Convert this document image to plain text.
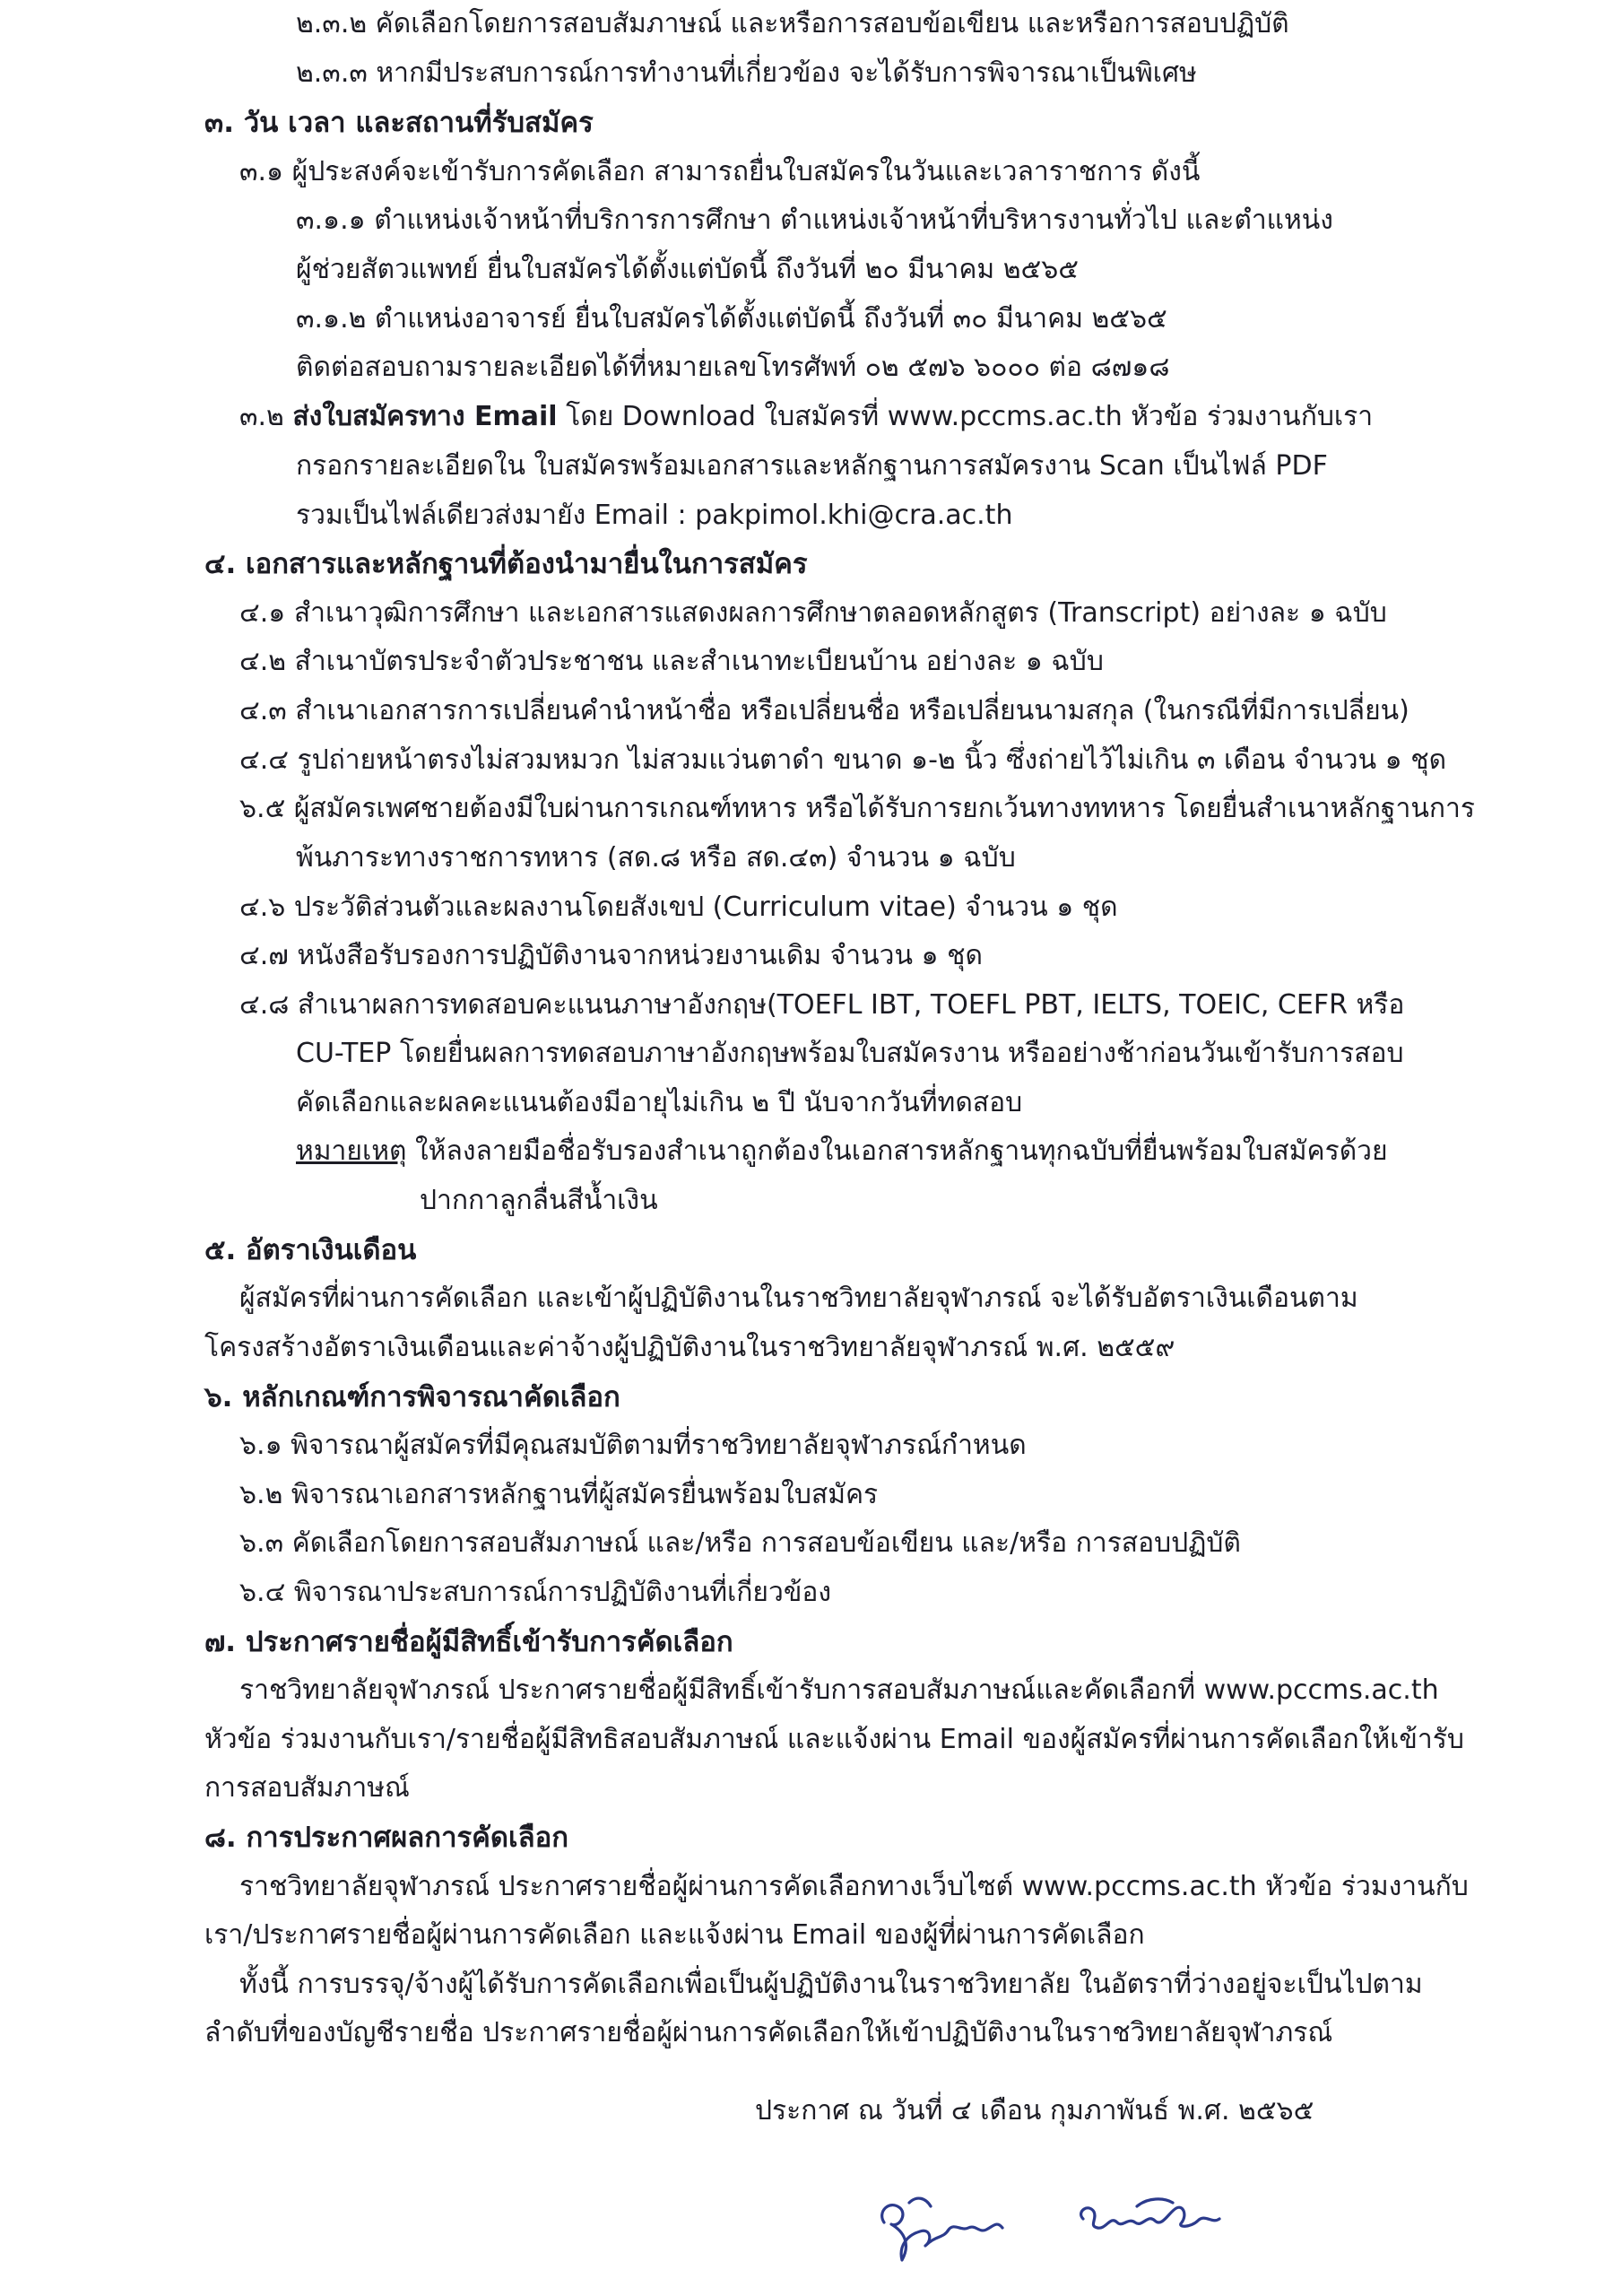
๒.๓.๒ คัดเลือกโดยการสอบสัมภาษณ์ และหรือการสอบข้อเขียน และหรือการสอบปฏิบัติ
๒.๓.๓ หากมีประสบการณ์การทำงานที่เกี่ยวข้อง จะได้รับการพิจารณาเป็นพิเศษ
๓. วัน เวลา และสถานที่รับสมัคร
๓.๑ ผู้ประสงค์จะเข้ารับการคัดเลือก สามารถยื่นใบสมัครในวันและเวลาราชการ ดังนี้
๓.๑.๑ ตำแหน่งเจ้าหน้าที่บริการการศึกษา ตำแหน่งเจ้าหน้าที่บริหารงานทั่วไป และตำแหน่ง
ผู้ช่วยสัตวแพทย์ ยื่นใบสมัครได้ตั้งแต่บัดนี้ ถึงวันที่ ๒๐ มีนาคม ๒๕๖๕
๓.๑.๒ ตำแหน่งอาจารย์ ยื่นใบสมัครได้ตั้งแต่บัดนี้ ถึงวันที่ ๓๐ มีนาคม ๒๕๖๕
ติดต่อสอบถามรายละเอียดได้ที่หมายเลขโทรศัพท์ ๐๒ ๕๗๖ ๖๐๐๐ ต่อ ๘๗๑๘
๓.๒ ส่งใบสมัครทาง Email โดย Download ใบสมัครที่ www.pccms.ac.th หัวข้อ ร่วมงานกับเรา
กรอกรายละเอียดใน ใบสมัครพร้อมเอกสารและหลักฐานการสมัครงาน Scan เป็นไฟล์ PDF
รวมเป็นไฟล์เดียวส่งมายัง Email : pakpimol.khi@cra.ac.th
๔. เอกสารและหลักฐานที่ต้องนำมายื่นในการสมัคร
๔.๑ สำเนาวุฒิการศึกษา และเอกสารแสดงผลการศึกษาตลอดหลักสูตร (Transcript) อย่างละ ๑ ฉบับ
๔.๒ สำเนาบัตรประจำตัวประชาชน และสำเนาทะเบียนบ้าน อย่างละ ๑ ฉบับ
๔.๓ สำเนาเอกสารการเปลี่ยนคำนำหน้าชื่อ หรือเปลี่ยนชื่อ หรือเปลี่ยนนามสกุล (ในกรณีที่มีการเปลี่ยน)
๔.๔ รูปถ่ายหน้าตรงไม่สวมหมวก ไม่สวมแว่นตาดำ ขนาด ๑-๒ นิ้ว ซึ่งถ่ายไว้ไม่เกิน ๓ เดือน จำนวน ๑ ชุด
๖.๕ ผู้สมัครเพศชายต้องมีใบผ่านการเกณฑ์ทหาร หรือได้รับการยกเว้นทางททหาร โดยยื่นสำเนาหลักฐานการ
พ้นภาระทางราชการทหาร (สด.๘ หรือ สด.๔๓) จำนวน ๑ ฉบับ
๔.๖ ประวัติส่วนตัวและผลงานโดยสังเขป (Curriculum vitae) จำนวน ๑ ชุด
๔.๗ หนังสือรับรองการปฏิบัติงานจากหน่วยงานเดิม จำนวน ๑ ชุด
๔.๘ สำเนาผลการทดสอบคะแนนภาษาอังกฤษ(TOEFL IBT, TOEFL PBT, IELTS, TOEIC, CEFR หรือ
CU-TEP โดยยื่นผลการทดสอบภาษาอังกฤษพร้อมใบสมัครงาน หรืออย่างช้าก่อนวันเข้ารับการสอบ
คัดเลือกและผลคะแนนต้องมีอายุไม่เกิน ๒ ปี นับจากวันที่ทดสอบ
หมายเหตุ ให้ลงลายมือชื่อรับรองสำเนาถูกต้องในเอกสารหลักฐานทุกฉบับที่ยื่นพร้อมใบสมัครด้วย
ปากกาลูกลื่นสีน้ำเงิน
๕. อัตราเงินเดือน
ผู้สมัครที่ผ่านการคัดเลือก และเข้าผู้ปฏิบัติงานในราชวิทยาลัยจุฬาภรณ์ จะได้รับอัตราเงินเดือนตาม
โครงสร้างอัตราเงินเดือนและค่าจ้างผู้ปฏิบัติงานในราชวิทยาลัยจุฬาภรณ์ พ.ศ. ๒๕๕๙
๖. หลักเกณฑ์การพิจารณาคัดเลือก
๖.๑ พิจารณาผู้สมัครที่มีคุณสมบัติตามที่ราชวิทยาลัยจุฬาภรณ์กำหนด
๖.๒ พิจารณาเอกสารหลักฐานที่ผู้สมัครยื่นพร้อมใบสมัคร
๖.๓ คัดเลือกโดยการสอบสัมภาษณ์ และ/หรือ การสอบข้อเขียน และ/หรือ การสอบปฏิบัติ
๖.๔ พิจารณาประสบการณ์การปฏิบัติงานที่เกี่ยวข้อง
๗. ประกาศรายชื่อผู้มีสิทธิ์เข้ารับการคัดเลือก
ราชวิทยาลัยจุฬาภรณ์ ประกาศรายชื่อผู้มีสิทธิ์เข้ารับการสอบสัมภาษณ์และคัดเลือกที่ www.pccms.ac.th
หัวข้อ ร่วมงานกับเรา/รายชื่อผู้มีสิทธิสอบสัมภาษณ์ และแจ้งผ่าน Email ของผู้สมัครที่ผ่านการคัดเลือกให้เข้ารับ
การสอบสัมภาษณ์
๘. การประกาศผลการคัดเลือก
ราชวิทยาลัยจุฬาภรณ์ ประกาศรายชื่อผู้ผ่านการคัดเลือกทางเว็บไซต์ www.pccms.ac.th หัวข้อ ร่วมงานกับ
เรา/ประกาศรายชื่อผู้ผ่านการคัดเลือก และแจ้งผ่าน Email ของผู้ที่ผ่านการคัดเลือก
ทั้งนี้ การบรรจุ/จ้างผู้ได้รับการคัดเลือกเพื่อเป็นผู้ปฏิบัติงานในราชวิทยาลัย ในอัตราที่ว่างอยู่จะเป็นไปตาม
ลำดับที่ของบัญชีรายชื่อ ประกาศรายชื่อผู้ผ่านการคัดเลือกให้เข้าปฏิบัติงานในราชวิทยาลัยจุฬาภรณ์
ประกาศ ณ วันที่ ๔ เดือน กุมภาพันธ์ พ.ศ. ๒๕๖๕
